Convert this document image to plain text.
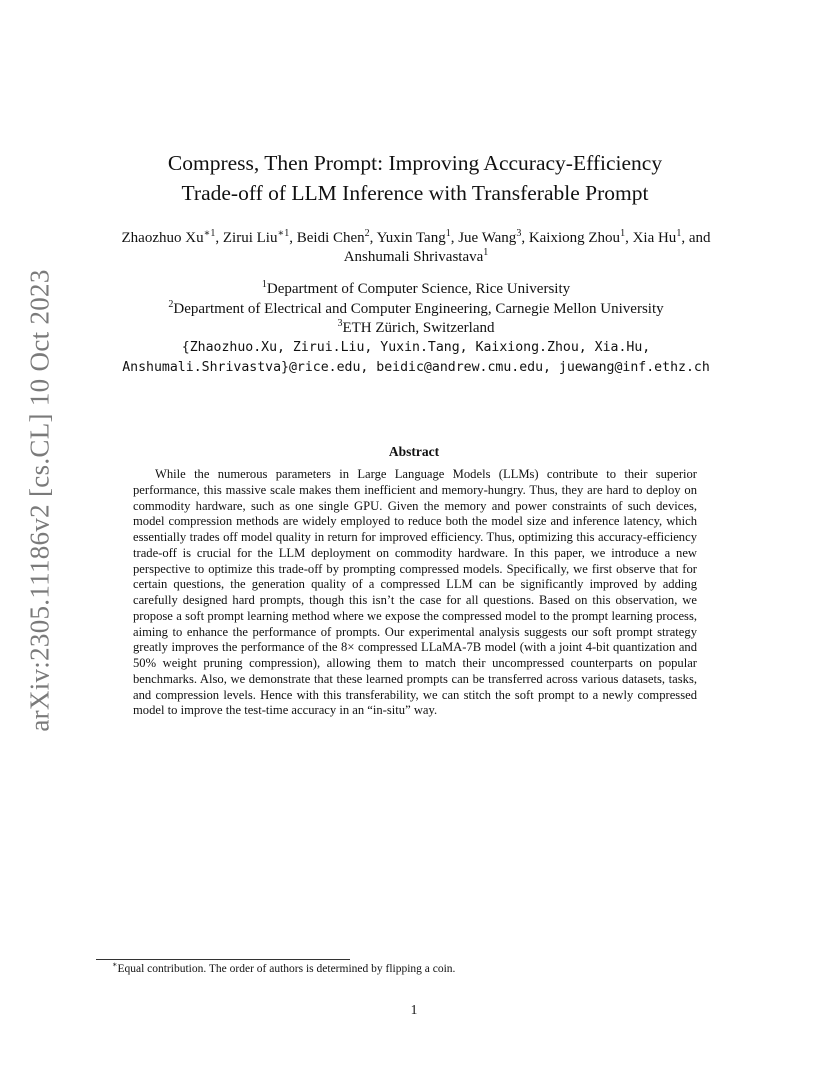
arXiv:2305.11186v2 [cs.CL] 10 Oct 2023
Compress, Then Prompt: Improving Accuracy-Efficiency
Trade-off of LLM Inference with Transferable Prompt
Zhaozhuo $Xu^{∗1}$, Zirui Liu$^{∗1}$, Beidi Chen$^2$, Yuxin Tang$^1$, Jue Wang$^3$, Kaixiong Zhou$^1$, Xia Hu$^1$, and Anshumali Shrivastava$^1$
$^1$Department of Computer Science, Rice University
$^2$Department of Electrical and Computer Engineering, Carnegie Mellon University
$^3$ETH Zürich, Switzerland
{Zhaozhuo.Xu, Zirui.Liu, Yuxin.Tang, Kaixiong.Zhou, Xia.Hu,
Anshumali.Shrivastva}@rice.edu, beidic@andrew.cmu.edu, juewang@inf.ethz.ch
Abstract

While the numerous parameters in Large Language Models (LLMs) contribute to their superior performance, this massive scale makes them inefficient and memory-hungry. Thus, they are hard to deploy on commodity hardware, such as one single GPU. Given the memory and power constraints of such devices, model compression methods are widely employed to reduce both the model size and inference latency, which essentially trades off model quality in return for improved efficiency. Thus, optimizing this accuracy-efficiency trade-off is crucial for the LLM deployment on commodity hardware. In this paper, we introduce a new perspective to optimize this trade-off by prompting compressed models. Specifically, we first observe that for certain questions, the generation quality of a compressed LLM can be significantly improved by adding carefully designed hard prompts, though this isn’t the case for all questions. Based on this observation, we propose a soft prompt learning method where we expose the compressed model to the prompt learning process, aiming to enhance the performance of prompts. Our experimental analysis suggests our soft prompt strategy greatly improves the performance of the 8× compressed LLaMA-7B model (with a joint 4-bit quantization and 50% weight pruning compression), allowing them to match their uncompressed counterparts on popular benchmarks. Also, we demonstrate that these learned prompts can be transferred across various datasets, tasks, and compression levels. Hence with this transferability, we can stitch the soft prompt to a newly compressed model to improve the test-time accuracy in an “in-situ” way.

∗Equal contribution. The order of authors is determined by flipping a coin.
1
